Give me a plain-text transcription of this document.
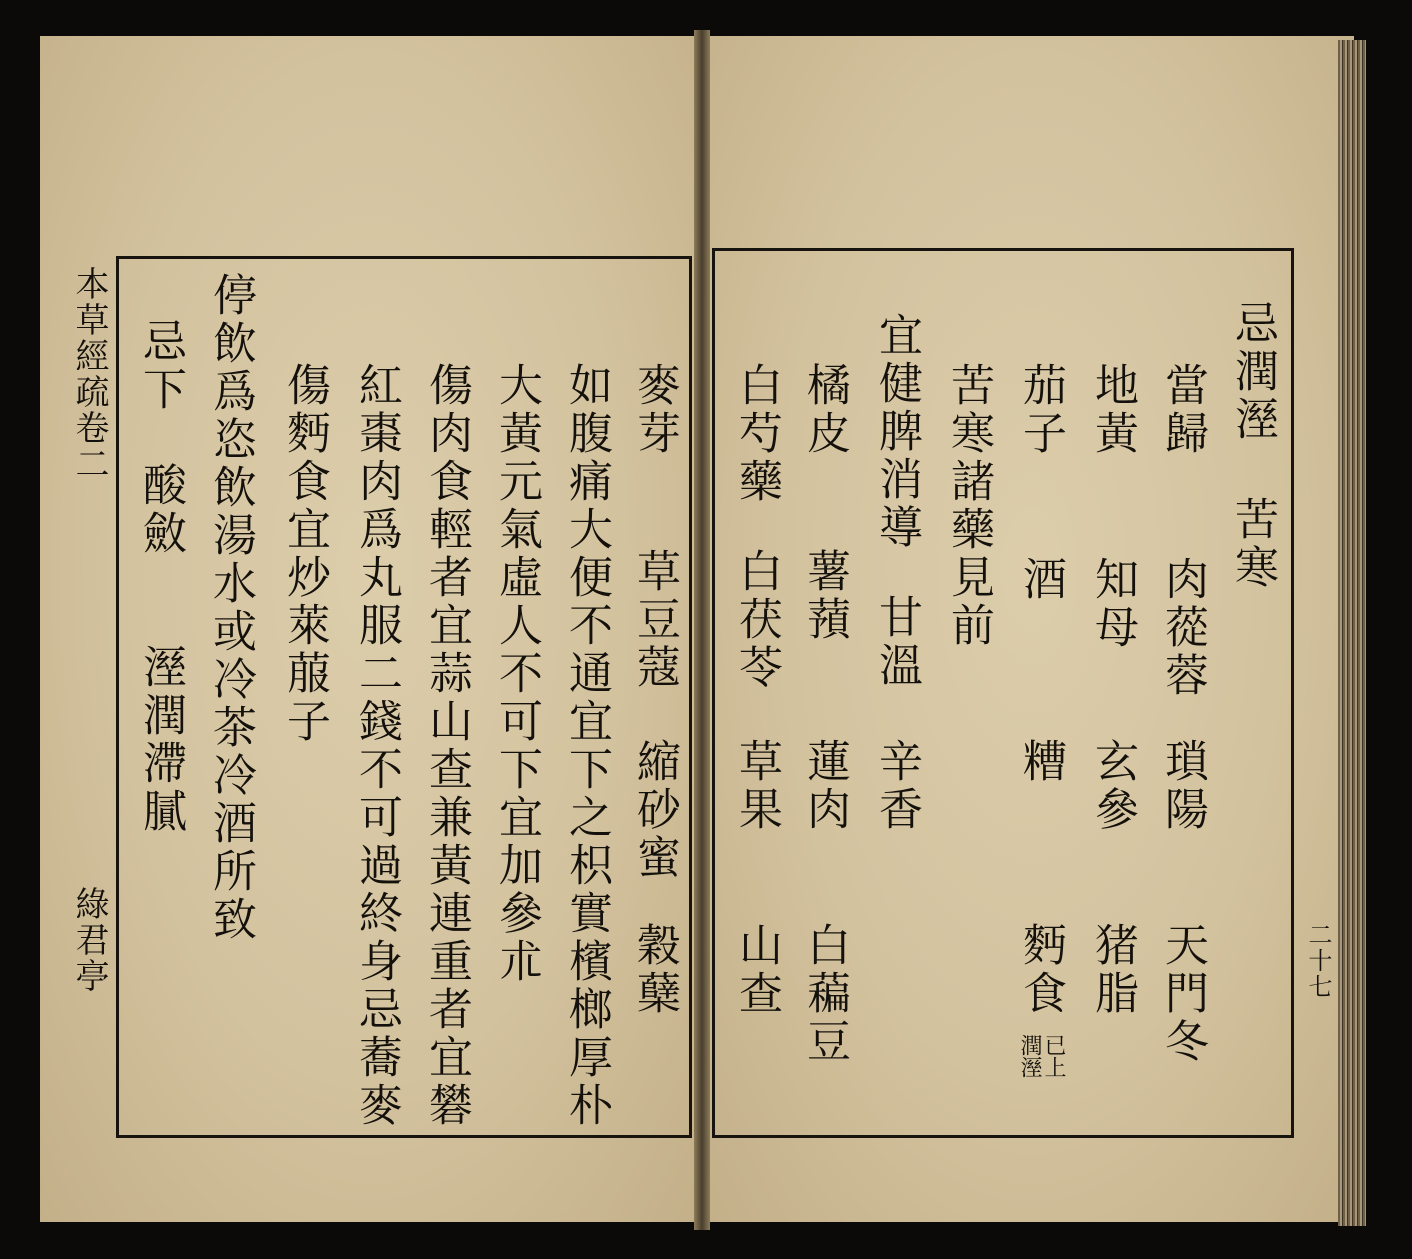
本草經疏卷二
綠君亭	二十七
忌潤溼
苦寒
當歸
肉蓯蓉
瑣陽
天門冬
地黃
知母
玄參
猪脂
茄子
酒
糟
麪食
已上
潤溼
苦寒諸藥見前
宜健脾消導
甘溫
辛香
橘皮
薯蕷
蓮肉
白藊豆
白芍藥
白茯苓
草果
山查
麥芽
草豆蔻
縮砂蜜
穀蘖
如腹痛大便不通宜下之枳實檳榔厚朴
大黃元氣虛人不可下宜加參朮
傷肉食輕者宜蒜山查兼黃連重者宜礬
紅棗肉爲丸服二錢不可過終身忌蕎麥
傷麪食宜炒萊菔子
停飲爲恣飲湯水或冷茶冷酒所致
忌下
酸斂
溼潤
滯膩
